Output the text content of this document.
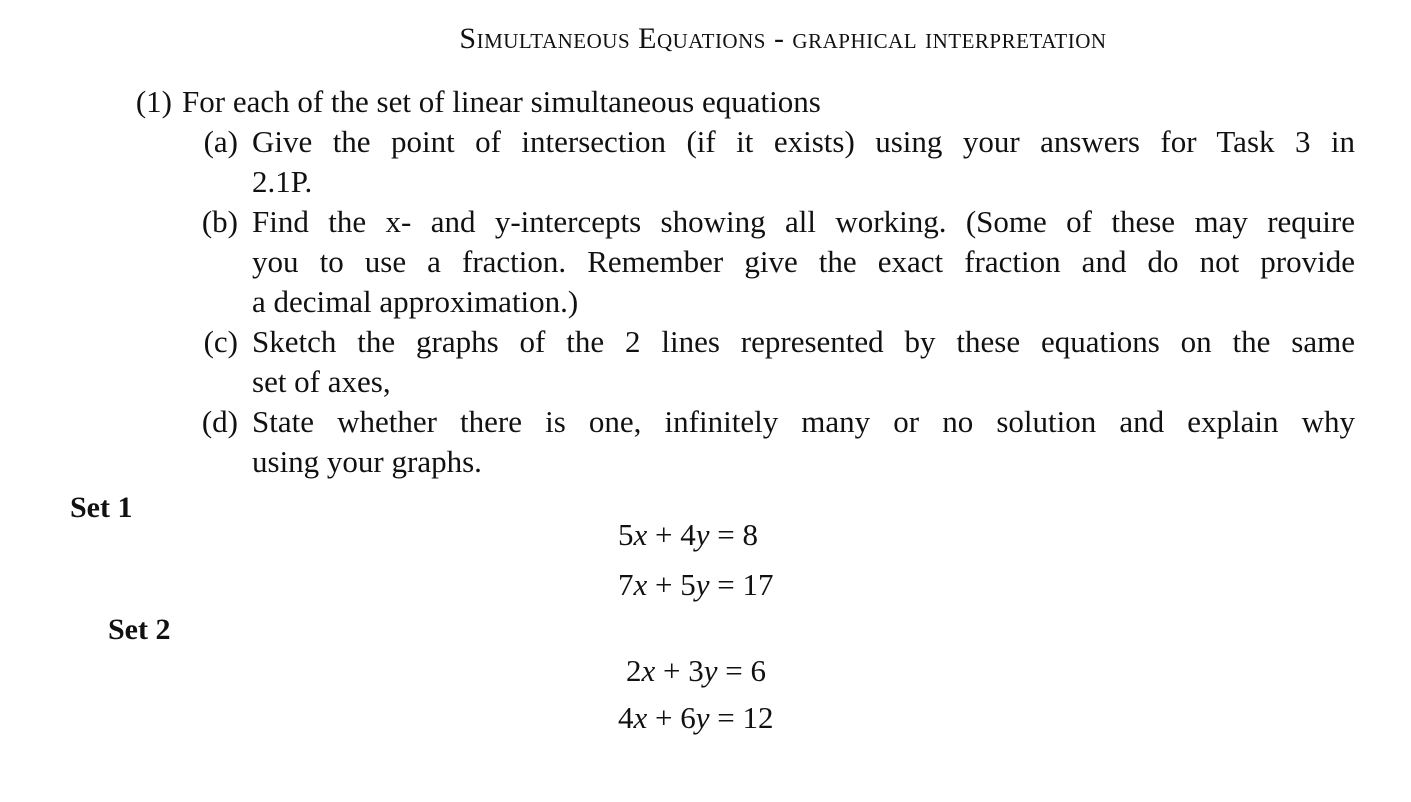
Simultaneous Equations - graphical interpretation
(1) For each of the set of linear simultaneous equations
(a) Give the point of intersection (if it exists) using your answers for Task 3 in
2.1P.
(b) Find the x- and y-intercepts showing all working. (Some of these may require
you to use a fraction. Remember give the exact fraction and do not provide
a decimal approximation.)
(c) Sketch the graphs of the 2 lines represented by these equations on the same
set of axes,
(d) State whether there is one, infinitely many or no solution and explain why
using your graphs.
Set 1
5x + 4y = 8
7x + 5y = 17
Set 2
2x + 3y = 6
4x + 6y = 12
